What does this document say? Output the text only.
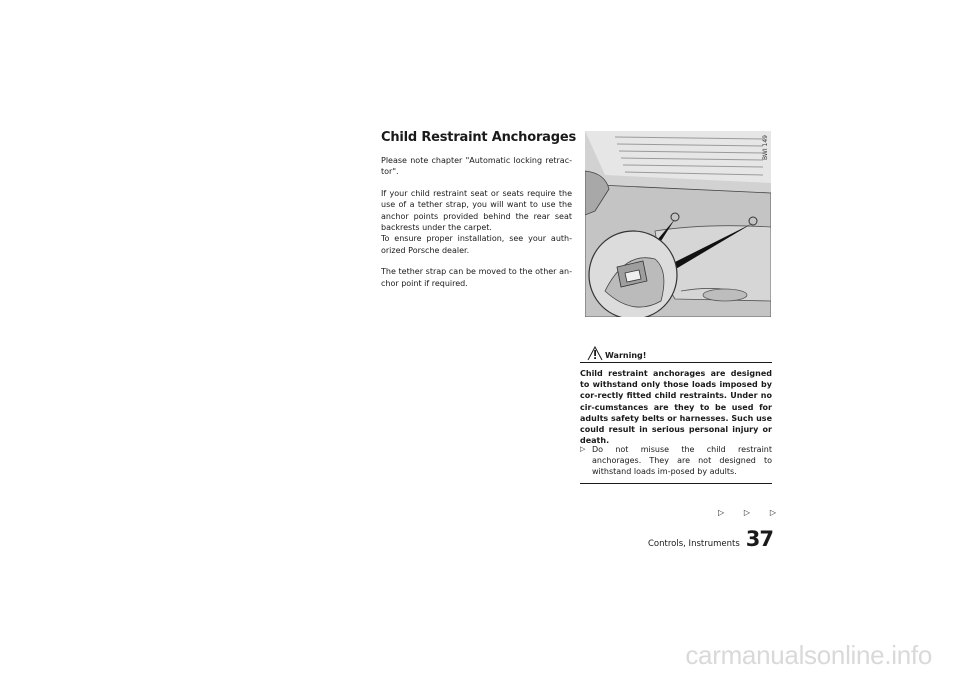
Child Restraint Anchorages

Please note chapter "Automatic locking retrac-tor".

If your child restraint seat or seats require the use of a tether strap, you will want to use the anchor points provided behind the rear seat backrests under the carpet.

To ensure proper installation, see your auth-orized Porsche dealer.

The tether strap can be moved to the other an-chor point if required.

BWI 149
Warning!

Child restraint anchorages are designed to withstand only those loads imposed by cor-rectly fitted child restraints. Under no cir-cumstances are they to be used for adults safety belts or harnesses. Such use could result in serious personal injury or death.

▷ Do not misuse the child restraint anchorages. They are not designed to withstand loads im-posed by adults.
▷ ▷ ▷
Controls, Instruments 37
carmanualsonline.info
